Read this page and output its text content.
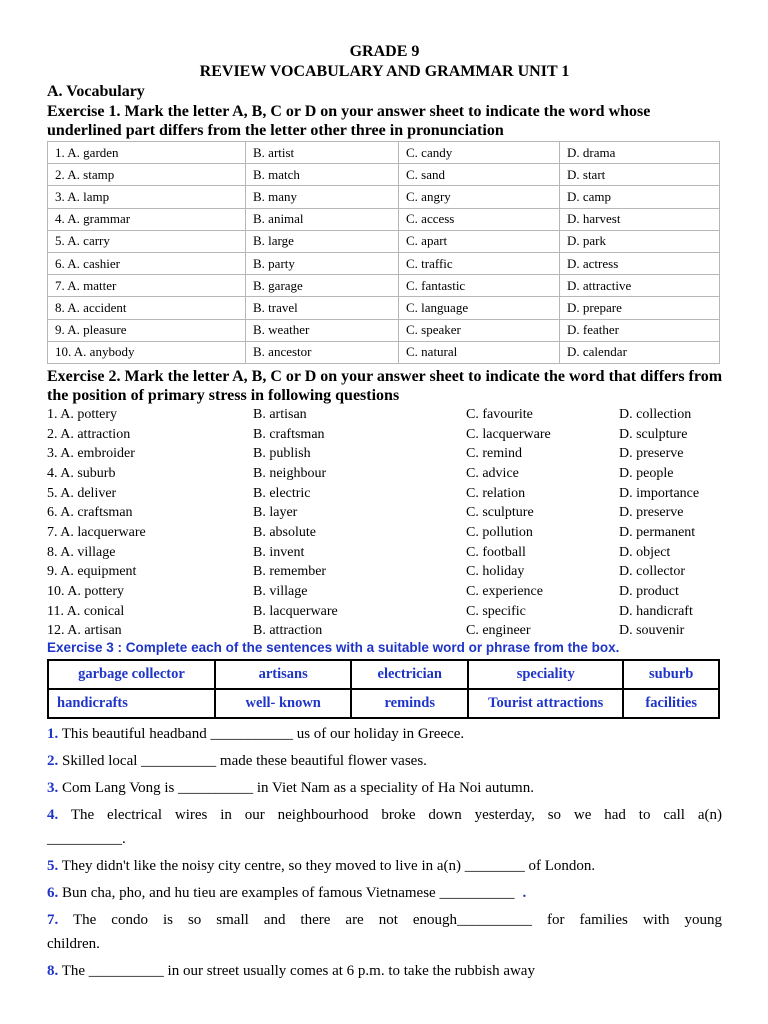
GRADE 9
REVIEW VOCABULARY AND GRAMMAR UNIT 1
A. Vocabulary
Exercise 1. Mark the letter A, B, C or D on your answer sheet to indicate the word whose underlined part differs from the letter other three in pronunciation
1. A. garden	B. artist	C. candy	D. drama
2. A. stamp	B. match	C. sand	D. start
3. A. lamp	B. many	C. angry	D. camp
4. A. grammar	B. animal	C. access	D. harvest
5. A. carry	B. large	C. apart	D. park
6. A. cashier	B. party	C. traffic	D. actress
7. A. matter	B. garage	C. fantastic	D. attractive
8. A. accident	B. travel	C. language	D. prepare
9. A. pleasure	B. weather	C. speaker	D. feather
10. A. anybody	B. ancestor	C. natural	D. calendar
Exercise 2. Mark the letter A, B, C or D on your answer sheet to indicate the word that differs from the position of primary stress in following questions
1. A. pottery	B. artisan	C. favourite	D. collection
2. A. attraction	B. craftsman	C. lacquerware	D. sculpture
3. A. embroider	B. publish	C. remind	D. preserve
4. A. suburb	B. neighbour	C. advice	D. people
5. A. deliver	B. electric	C. relation	D. importance
6. A. craftsman	B. layer	C. sculpture	D. preserve
7. A. lacquerware	B. absolute	C. pollution	D. permanent
8. A. village	B. invent	C. football	D. object
9. A. equipment	B. remember	C. holiday	D. collector
10. A. pottery	B. village	C. experience	D. product
11. A. conical	B. lacquerware	C. specific	D. handicraft
12. A. artisan	B. attraction	C. engineer	D. souvenir
Exercise 3 : Complete each of the sentences with a suitable word or phrase from the box.
garbage collector	artisans	electrician	speciality	suburb
handicrafts	well- known	reminds	Tourist attractions	facilities
1. This beautiful headband ___________ us of our holiday in Greece.
2. Skilled local __________ made these beautiful flower vases.
3. Com Lang Vong is __________ in Viet Nam as a speciality of Ha Noi autumn.
4. The electrical wires in our neighbourhood broke down yesterday, so we had to call a(n)
__________.
5. They didn't like the noisy city centre, so they moved to live in a(n) ________ of London.
6. Bun cha, pho, and hu tieu are examples of famous Vietnamese __________ .
7. The condo is so small and there are not enough__________ for families with young
children.
8. The __________ in our street usually comes at 6 p.m. to take the rubbish away
